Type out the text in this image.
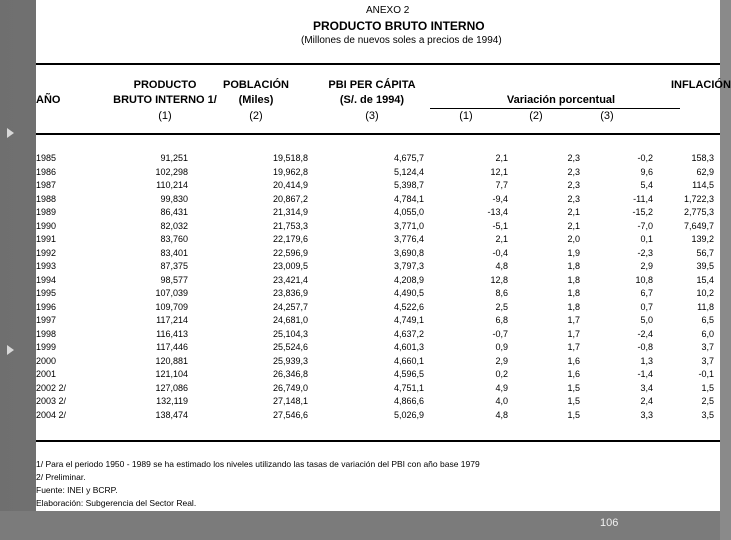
ANEXO 2
PRODUCTO BRUTO INTERNO
(Millones de nuevos soles a precios de 1994)
AÑO
PRODUCTO
BRUTO INTERNO 1/
(1)
POBLACIÓN
(Miles)
(2)
PBI PER CÁPITA
(S/. de 1994)
(3)
Variación porcentual
(1)	(2)	(3)
INFLACIÓN
1985	91,251	19,518,8	4,675,7	2,1	2,3	-0,2	158,3
1986	102,298	19,962,8	5,124,4	12,1	2,3	9,6	62,9
1987	110,214	20,414,9	5,398,7	7,7	2,3	5,4	114,5
1988	99,830	20,867,2	4,784,1	-9,4	2,3	-11,4	1,722,3
1989	86,431	21,314,9	4,055,0	-13,4	2,1	-15,2	2,775,3
1990	82,032	21,753,3	3,771,0	-5,1	2,1	-7,0	7,649,7
1991	83,760	22,179,6	3,776,4	2,1	2,0	0,1	139,2
1992	83,401	22,596,9	3,690,8	-0,4	1,9	-2,3	56,7
1993	87,375	23,009,5	3,797,3	4,8	1,8	2,9	39,5
1994	98,577	23,421,4	4,208,9	12,8	1,8	10,8	15,4
1995	107,039	23,836,9	4,490,5	8,6	1,8	6,7	10,2
1996	109,709	24,257,7	4,522,6	2,5	1,8	0,7	11,8
1997	117,214	24,681,0	4,749,1	6,8	1,7	5,0	6,5
1998	116,413	25,104,3	4,637,2	-0,7	1,7	-2,4	6,0
1999	117,446	25,524,6	4,601,3	0,9	1,7	-0,8	3,7
2000	120,881	25,939,3	4,660,1	2,9	1,6	1,3	3,7
2001	121,104	26,346,8	4,596,5	0,2	1,6	-1,4	-0,1
2002 2/	127,086	26,749,0	4,751,1	4,9	1,5	3,4	1,5
2003 2/	132,119	27,148,1	4,866,6	4,0	1,5	2,4	2,5
2004 2/	138,474	27,546,6	5,026,9	4,8	1,5	3,3	3,5
1/ Para el periodo 1950 - 1989 se ha estimado los niveles utilizando las tasas de variación del PBI con año base 1979
2/ Preliminar.
Fuente: INEI y BCRP.
Elaboración: Subgerencia del Sector Real.
106
